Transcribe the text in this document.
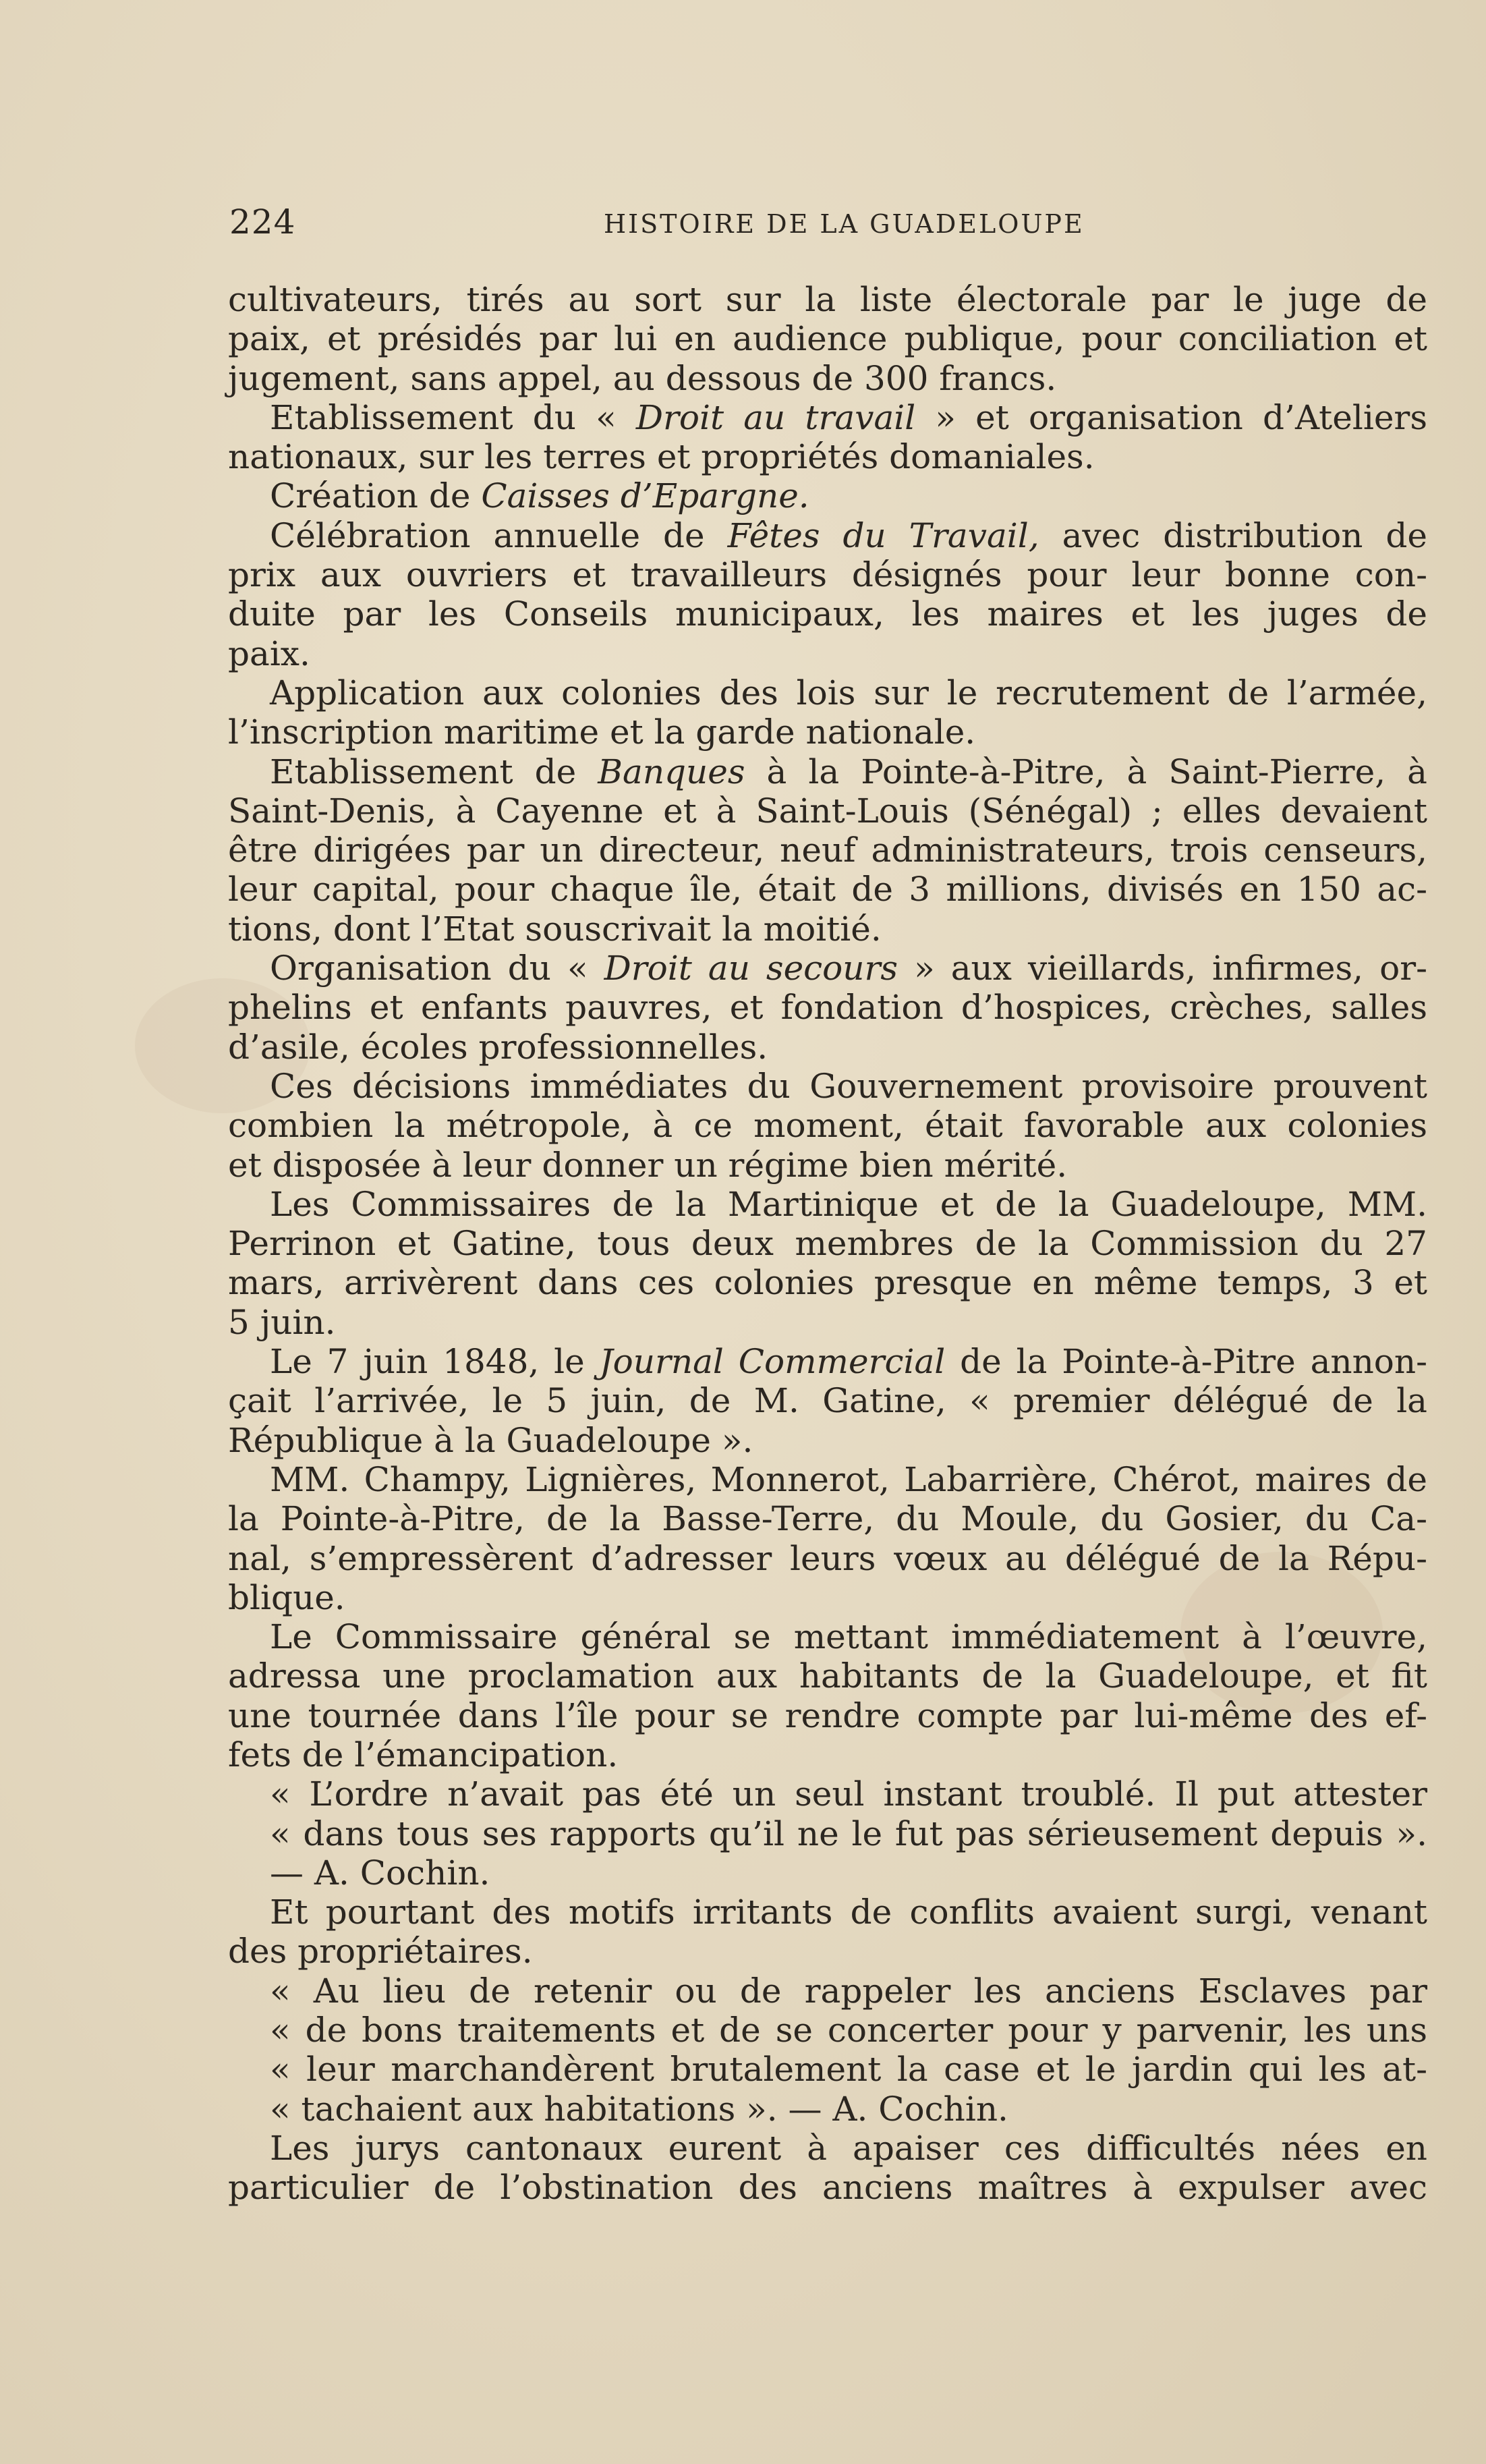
224	HISTOIRE DE LA GUADELOUPE
cultivateurs, tirés au sort sur la liste électorale par le juge de
paix, et présidés par lui en audience publique, pour conciliation et
jugement, sans appel, au dessous de 300 francs.
Etablissement du « Droit au travail » et organisation d’Ateliers
nationaux, sur les terres et propriétés domaniales.
Création de Caisses d’Epargne.
Célébration annuelle de Fêtes du Travail, avec distribution de
prix aux ouvriers et travailleurs désignés pour leur bonne con-
duite par les Conseils municipaux, les maires et les juges de
paix.
Application aux colonies des lois sur le recrutement de l’armée,
l’inscription maritime et la garde nationale.
Etablissement de Banques à la Pointe-à-Pitre, à Saint-Pierre, à
Saint-Denis, à Cayenne et à Saint-Louis (Sénégal) ; elles devaient
être dirigées par un directeur, neuf administrateurs, trois censeurs,
leur capital, pour chaque île, était de 3 millions, divisés en 150 ac-
tions, dont l’Etat souscrivait la moitié.
Organisation du « Droit au secours » aux vieillards, infirmes, or-
phelins et enfants pauvres, et fondation d’hospices, crèches, salles
d’asile, écoles professionnelles.
Ces décisions immédiates du Gouvernement provisoire prouvent
combien la métropole, à ce moment, était favorable aux colonies
et disposée à leur donner un régime bien mérité.
Les Commissaires de la Martinique et de la Guadeloupe, MM.
Perrinon et Gatine, tous deux membres de la Commission du 27
mars, arrivèrent dans ces colonies presque en même temps, 3 et
5 juin.
Le 7 juin 1848, le Journal Commercial de la Pointe-à-Pitre annon-
çait l’arrivée, le 5 juin, de M. Gatine, « premier délégué de la
République à la Guadeloupe ».
MM. Champy, Lignières, Monnerot, Labarrière, Chérot, maires de
la Pointe-à-Pitre, de la Basse-Terre, du Moule, du Gosier, du Ca-
nal, s’empressèrent d’adresser leurs vœux au délégué de la Répu-
blique.
Le Commissaire général se mettant immédiatement à l’œuvre,
adressa une proclamation aux habitants de la Guadeloupe, et fit
une tournée dans l’île pour se rendre compte par lui-même des ef-
fets de l’émancipation.
« L’ordre n’avait pas été un seul instant troublé. Il put attester
« dans tous ses rapports qu’il ne le fut pas sérieusement depuis ».
— A. Cochin.
Et pourtant des motifs irritants de conflits avaient surgi, venant
des propriétaires.
« Au lieu de retenir ou de rappeler les anciens Esclaves par
« de bons traitements et de se concerter pour y parvenir, les uns
« leur marchandèrent brutalement la case et le jardin qui les at-
« tachaient aux habitations ». — A. Cochin.
Les jurys cantonaux eurent à apaiser ces difficultés nées en
particulier de l’obstination des anciens maîtres à expulser avec
